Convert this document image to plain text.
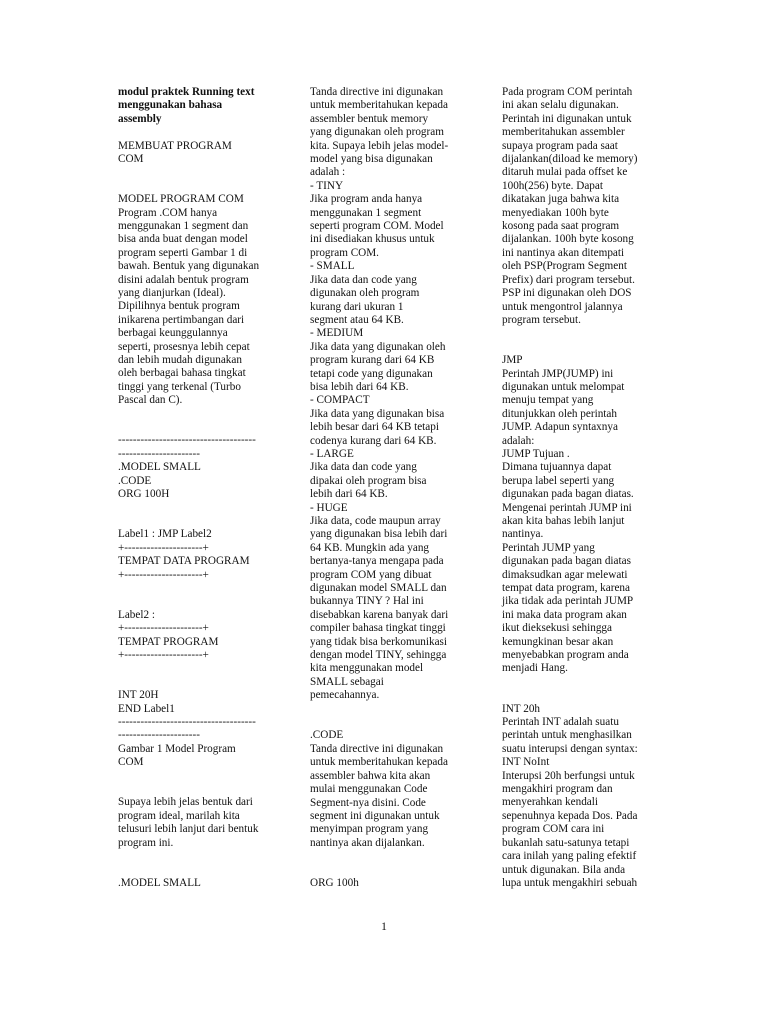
modul praktek Running text
menggunakan bahasa
assembly
MEMBUAT PROGRAM
COM
MODEL PROGRAM COM
Program .COM hanya
menggunakan 1 segment dan
bisa anda buat dengan model
program seperti Gambar 1 di
bawah. Bentuk yang digunakan
disini adalah bentuk program
yang dianjurkan (Ideal).
Dipilihnya bentuk program
inikarena pertimbangan dari
berbagai keunggulannya
seperti, prosesnya lebih cepat
dan lebih mudah digunakan
oleh berbagai bahasa tingkat
tinggi yang terkenal (Turbo
Pascal dan C).
-------------------------------------
----------------------
.MODEL SMALL
.CODE
ORG 100H
Label1 : JMP Label2
+---------------------+
TEMPAT DATA PROGRAM
+---------------------+
Label2 :
+---------------------+
TEMPAT PROGRAM
+---------------------+
INT 20H
END Label1
-------------------------------------
----------------------
Gambar 1 Model Program
COM
Supaya lebih jelas bentuk dari
program ideal, marilah kita
telusuri lebih lanjut dari bentuk
program ini.
.MODEL SMALL
Tanda directive ini digunakan
untuk memberitahukan kepada
assembler bentuk memory
yang digunakan oleh program
kita. Supaya lebih jelas model-
model yang bisa digunakan
adalah :
- TINY
Jika program anda hanya
menggunakan 1 segment
seperti program COM. Model
ini disediakan khusus untuk
program COM.
- SMALL
Jika data dan code yang
digunakan oleh program
kurang dari ukuran 1
segment atau 64 KB.
- MEDIUM
Jika data yang digunakan oleh
program kurang dari 64 KB
tetapi code yang digunakan
bisa lebih dari 64 KB.
- COMPACT
Jika data yang digunakan bisa
lebih besar dari 64 KB tetapi
codenya kurang dari 64 KB.
- LARGE
Jika data dan code yang
dipakai oleh program bisa
lebih dari 64 KB.
- HUGE
Jika data, code maupun array
yang digunakan bisa lebih dari
64 KB. Mungkin ada yang
bertanya-tanya mengapa pada
program COM yang dibuat
digunakan model SMALL dan
bukannya TINY ? Hal ini
disebabkan karena banyak dari
compiler bahasa tingkat tinggi
yang tidak bisa berkomunikasi
dengan model TINY, sehingga
kita menggunakan model
SMALL sebagai
pemecahannya.
.CODE
Tanda directive ini digunakan
untuk memberitahukan kepada
assembler bahwa kita akan
mulai menggunakan Code
Segment-nya disini. Code
segment ini digunakan untuk
menyimpan program yang
nantinya akan dijalankan.
ORG 100h
Pada program COM perintah
ini akan selalu digunakan.
Perintah ini digunakan untuk
memberitahukan assembler
supaya program pada saat
dijalankan(diload ke memory)
ditaruh mulai pada offset ke
100h(256) byte. Dapat
dikatakan juga bahwa kita
menyediakan 100h byte
kosong pada saat program
dijalankan. 100h byte kosong
ini nantinya akan ditempati
oleh PSP(Program Segment
Prefix) dari program tersebut.
PSP ini digunakan oleh DOS
untuk mengontrol jalannya
program tersebut.
JMP
Perintah JMP(JUMP) ini
digunakan untuk melompat
menuju tempat yang
ditunjukkan oleh perintah
JUMP. Adapun syntaxnya
adalah:
JUMP Tujuan .
Dimana tujuannya dapat
berupa label seperti yang
digunakan pada bagan diatas.
Mengenai perintah JUMP ini
akan kita bahas lebih lanjut
nantinya.
Perintah JUMP yang
digunakan pada bagan diatas
dimaksudkan agar melewati
tempat data program, karena
jika tidak ada perintah JUMP
ini maka data program akan
ikut dieksekusi sehingga
kemungkinan besar akan
menyebabkan program anda
menjadi Hang.
INT 20h
Perintah INT adalah suatu
perintah untuk menghasilkan
suatu interupsi dengan syntax:
INT NoInt
Interupsi 20h berfungsi untuk
mengakhiri program dan
menyerahkan kendali
sepenuhnya kepada Dos. Pada
program COM cara ini
bukanlah satu-satunya tetapi
cara inilah yang paling efektif
untuk digunakan. Bila anda
lupa untuk mengakhiri sebuah
1
